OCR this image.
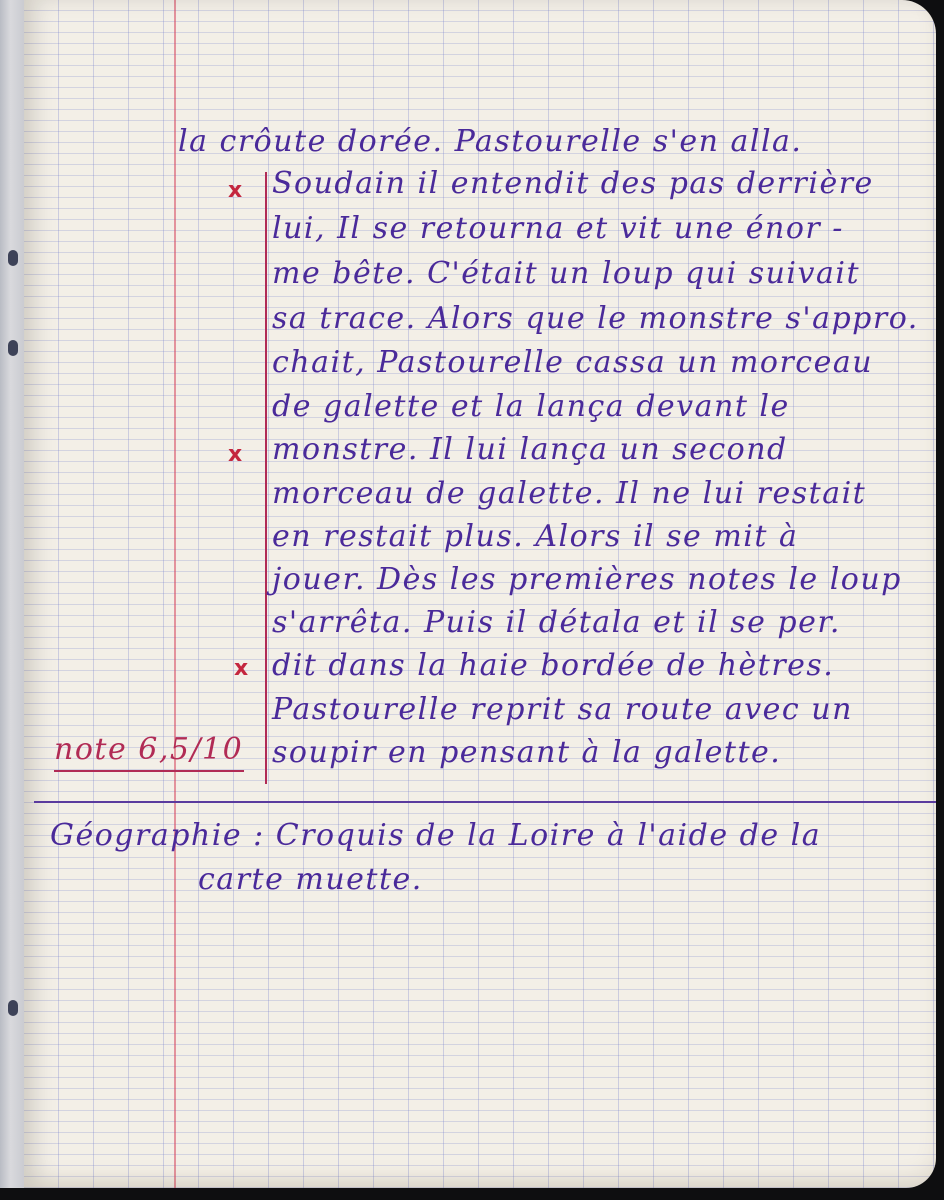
la crôute dorée. Pastourelle s'en alla.
Soudain il entendit des pas derrière
lui, Il se retourna et vit une énor -
me bête. C'était un loup qui suivait
sa trace. Alors que le monstre s'appro.
chait, Pastourelle cassa un morceau
de galette et la lança devant le
monstre. Il lui lança un second
morceau de galette. Il ne lui restait
en restait plus. Alors il se mit à
jouer. Dès les premières notes le loup
s'arrêta. Puis il détala et il se per.
dit dans la haie bordée de hètres.
Pastourelle reprit sa route avec un
soupir en pensant à la galette.
x
x
x
note 6,5/10
Géographie : Croquis de la Loire à l'aide de la
carte muette.
